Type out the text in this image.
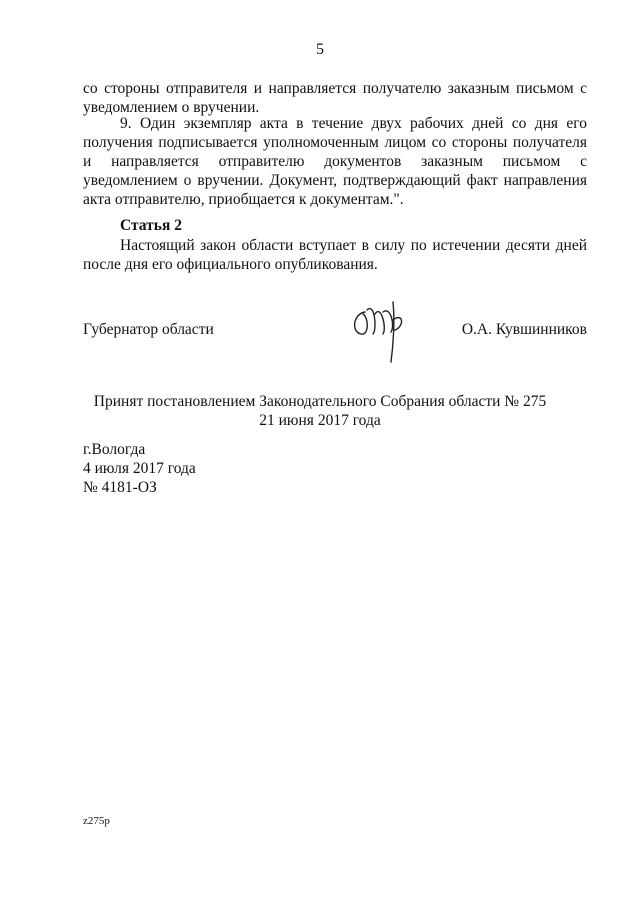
5

со стороны отправителя и направляется получателю заказным письмом с уведомлением о вручении.

9. Один экземпляр акта в течение двух рабочих дней со дня его получения подписывается уполномоченным лицом со стороны получателя и направляется отправителю документов заказным письмом с уведомлением о вручении. Документ, подтверждающий факт направления акта отправителю, приобщается к документам.".

Статья 2

Настоящий закон области вступает в силу по истечении десяти дней после дня его официального опубликования.

Губернатор области	О.А. Кувшинников

Принят постановлением Законодательного Собрания области № 275

21 июня 2017 года

г.Вологда

4 июля 2017 года

№ 4181-ОЗ

z275р
